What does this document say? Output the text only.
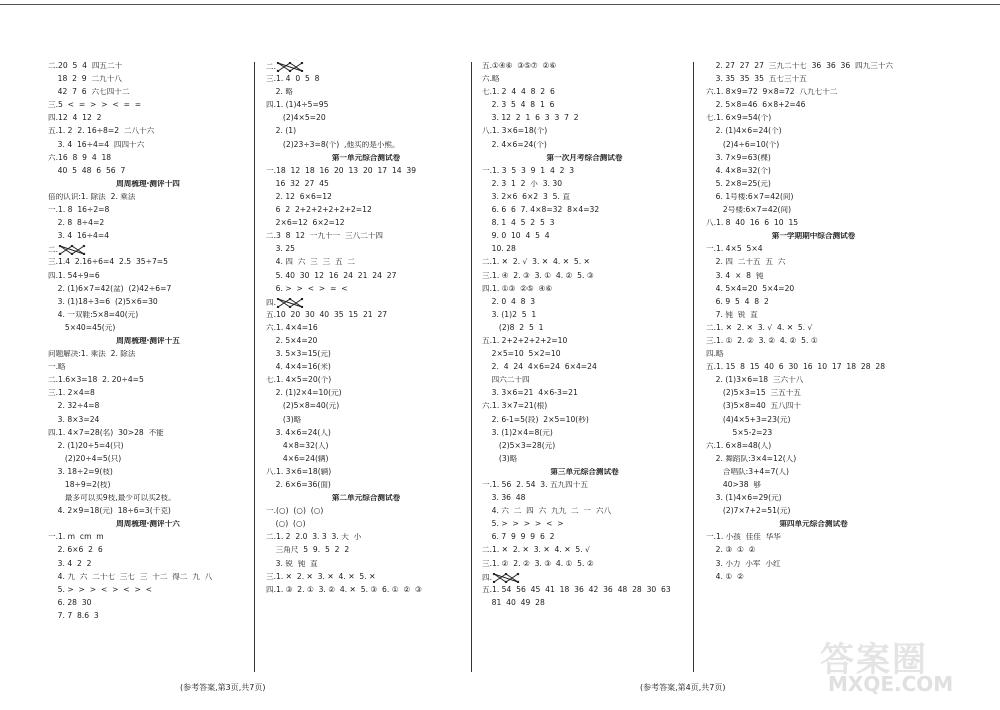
二.20  5  4  四五二十
18  2  9  二九十八
42  7  6  六七四十二
三.5  <  =  >  >  <  =  =
四.12  4  12  2
五.1. 2  2. 16÷8=2  二八十六
3. 4  16÷4=4  四四十六
六.16  8  9  4  18
40  5  48  6  56  7
周周梳理·测评十四
倍的认识:1. 除法  2. 乘法
一.1. 8  16÷2=8
2. 8  8÷4=2
3. 4  16÷4=4
二.
三.1.4  2.16÷6=4  2.5  35÷7=5
四.1. 54÷9=6
2. (1)6×7=42(盆)  (2)42÷6=7
3. (1)18÷3=6  (2)5×6=30
4. 一双鞋:5×8=40(元)
5×40=45(元)
周周梳理·测评十五
问题解决:1. 乘法  2. 除法
一.略
二.1.6×3=18  2. 20÷4=5
三.1. 2×4=8
2. 32÷4=8
3. 8×3=24
四.1. 4×7=28(名)  30>28  不能
2. (1)20÷5=4(只)
(2)20÷4=5(只)
3. 18÷2=9(枝)
18÷9=2(枝)
最多可以买9枝,最少可以买2枝。
4. 2×9=18(元)  18÷6=3(千克)
周周梳理·测评十六
一.1. m  cm  m
2. 6×6  2  6
3. 4  2  2
4. 九  六  二十七  三七  三  十二  得二  九  八
5. >  >  >  <  >  <  >  <
6. 28  30
7. 7  8.6  3
二.
三.1. 4  0  5  8
2. 略
四.1. (1)4÷5=95
(2)4×5=20
2. (1)
(2)23÷3=8(个)  ,他买的是小熊。
第一单元综合测试卷
一.18  12  18  16  20  13  20  17  14  39
16  32  27  45
2. 12  6×6=12
6  2  2+2+2+2+2+2=12
2×6=12  6×2=12
二.3  8  12  一九十一  三八二十四
3. 25
4. 四  六  三  三  五  二
5. 40  30  12  16  24  21  24  27
6. >  >  <  >  =  <
四.
五.10  20  30  40  35  15  21  27
六.1. 4×4=16
2. 5×4=20
3. 5×3=15(元)
4. 4×4=16(米)
七.1. 4×5=20(个)
2. (1)2×4=10(元)
(2)5×8=40(元)
(3)略
3. 4×6=24(人)
4×8=32(人)
4×6=24(辆)
八.1. 3×6=18(辆)
2. 6×6=36(面)
第二单元综合测试卷
一.(○)  (○)  (○)
(○)  (○)
二.1. 2  2.0  3. 3  3. 大  小
三角尺  5  9.  5  2  2
3. 锐  钝  直
三.1. ✕  2. ✕  3. ✕  4. ✕  5. ✕
四.1. ③  2. ①  3. ②  4. ✕  5. ③  6. ①  ②  ③
五.①④⑥  ③⑤⑦  ②⑥
六.略
七.1. 2  4  4  8  2  6
2. 3  5  4  8  1  6
3. 12  2  1  6  3  3  7  2
八.1. 3×6=18(个)
2. 4×6=24(个)
第一次月考综合测试卷
一.1. 3  5  3  9  1  4  2  3
2. 3  1  2  小  3. 30
3. 2×6  6×2  3  5. 直
6. 6  6  7. 4×8=32  8×4=32
8. 1  4  5  2  5  3
9. 0  10  4  5  4
10. 28
二.1. ✕  2. √  3. ✕  4. ✕  5. ✕
三.1. ④  2. ③  3. ①  4. ②  5. ③
四.1. ①③  ②⑤  ④⑥
2. 0  4  8  3
3. (1)2  5  1
(2)8  2  5  1
五.1. 2+2+2+2+2=10
2×5=10  5×2=10
2.  4  24  4×6=24  6×4=24
四六二十四
3. 3×6=21  4×6-3=21
六.1. 3×7=21(根)
2. 6-1=5(段)  2×5=10(秒)
3. (1)2×4=8(元)
(2)5×3=28(元)
(3)略
第三单元综合测试卷
一.1. 56  2. 54  3. 五九四十五
3. 36  48
4. 六  二  四  六  九九  二  一  六八
5. >  >  >  >  <  >
6. 7  9  9  9  6  2
二.1. ✕  2. ✕  3. ✕  4. ✕  5. √
三.1. ②  2. ②  3. ③  4. ①  5. ②
四.
五.1. 54  56  45  41  18  36  42  36  48  28  30  63
81  40  49  28
2. 27  27  27  三九二十七  36  36  36  四九三十六
3. 35  35  35  五七三十五
六.1. 8×9=72  9×8=72  八九七十二
2. 5×8=46  6×8+2=46
七.1. 6×9=54(个)
2. (1)4×6=24(个)
(2)4÷6=10(个)
3. 7×9=63(棵)
4. 4×8=32(个)
5. 2×8=25(元)
6. 1号楼:6×7=42(间)
2号楼:6×7=42(间)
八.1. 8  40  16  6  10  15
第一学期期中综合测试卷
一.1. 4×5  5×4
2. 四  二十五  五  六
3. 4  ×  8  钝
4. 5×4=20  5×4=20
6. 9  5  4  8  2
7. 钝  锐  直
二.1. ✕  2. ✕  3. √  4. ✕  5. √
三.1. ①  2. ②  3. ②  4. ②  5. ①
四.略
五.1. 15  8  15  40  6  30  16  10  17  18  28  28
2. (1)3×6=18  三六十八
(2)5×3=15  三五十五
(3)5×8=40  五八四十
(4)4×5+3=23(元)
5×5-2=23
六.1. 6×8=48(人)
2. 舞蹈队:3×4=12(人)
合唱队:3+4=7(人)
40>38  够
3. (1)4×6=29(元)
(2)7×7+2=51(元)
第四单元综合测试卷
一.1. 小孩  佳佳  华华
2. ③  ①  ②
3. 小力  小军  小红
4. ①  ②
(参考答案,第3页,共7页)	(参考答案,第4页,共7页)
答案圈
MXQE.COM
